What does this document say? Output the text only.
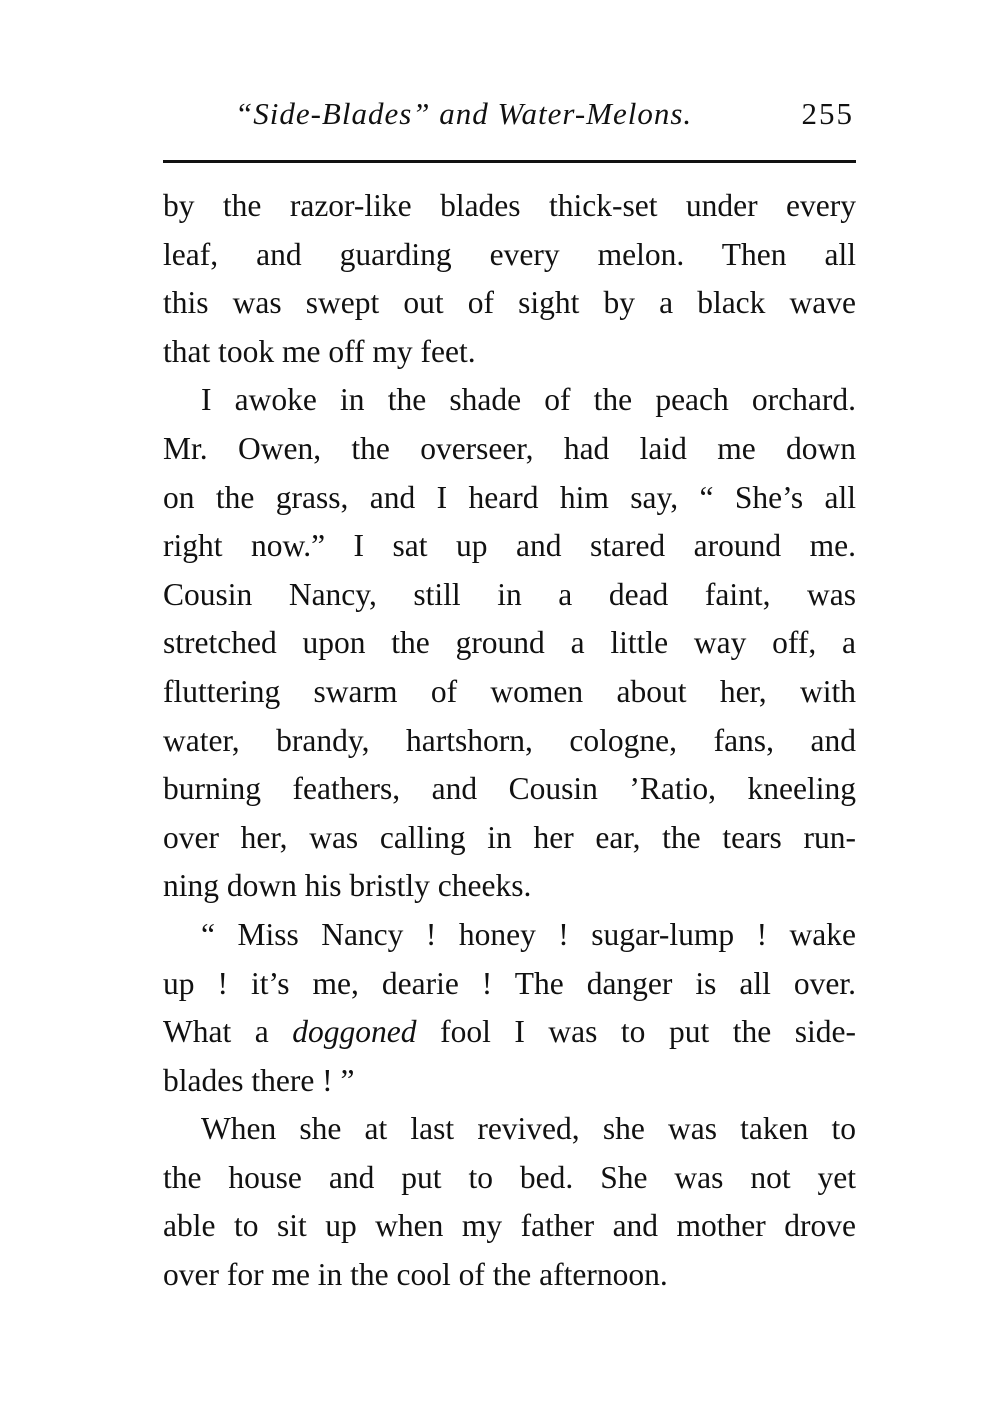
“Side-Blades” and Water-Melons.	255
by the razor-like blades thick-set under every
leaf, and guarding every melon. Then all
this was swept out of sight by a black wave
that took me off my feet.
I awoke in the shade of the peach orchard.
Mr. Owen, the overseer, had laid me down
on the grass, and I heard him say, “ She’s all
right now.” I sat up and stared around me.
Cousin Nancy, still in a dead faint, was
stretched upon the ground a little way off, a
fluttering swarm of women about her, with
water, brandy, hartshorn, cologne, fans, and
burning feathers, and Cousin ’Ratio, kneeling
over her, was calling in her ear, the tears run-
ning down his bristly cheeks.
“ Miss Nancy ! honey ! sugar-lump ! wake
up ! it’s me, dearie ! The danger is all over.
What a doggoned fool I was to put the side-
blades there ! ”
When she at last revived, she was taken to
the house and put to bed. She was not yet
able to sit up when my father and mother drove
over for me in the cool of the afternoon.
